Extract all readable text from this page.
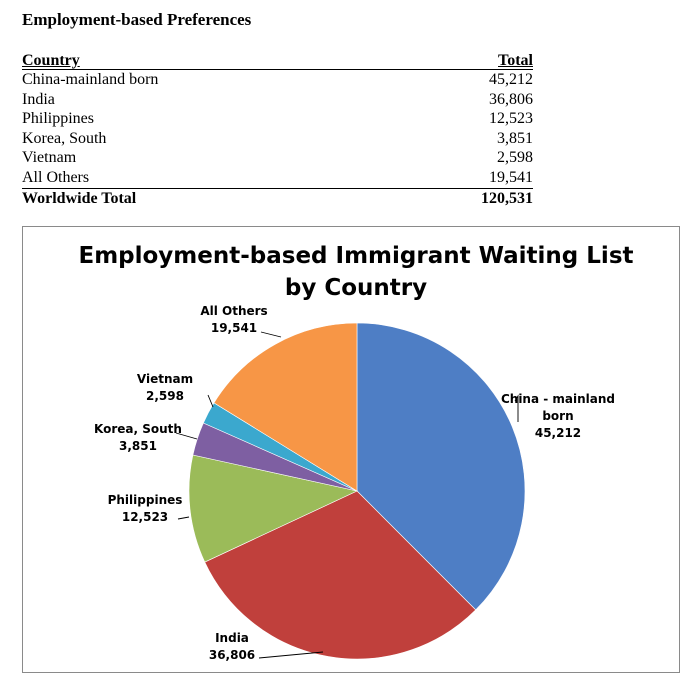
Employment-based Preferences
Country	Total
China-mainland born	45,212
India	36,806
Philippines	12,523
Korea, South	3,851
Vietnam	2,598
All Others	19,541
Worldwide Total	120,531
Employment-based Immigrant Waiting List
by Country
China - mainland born 45,212
India 36,806
Philippines 12,523
Korea, South 3,851
Vietnam 2,598
All Others 19,541
